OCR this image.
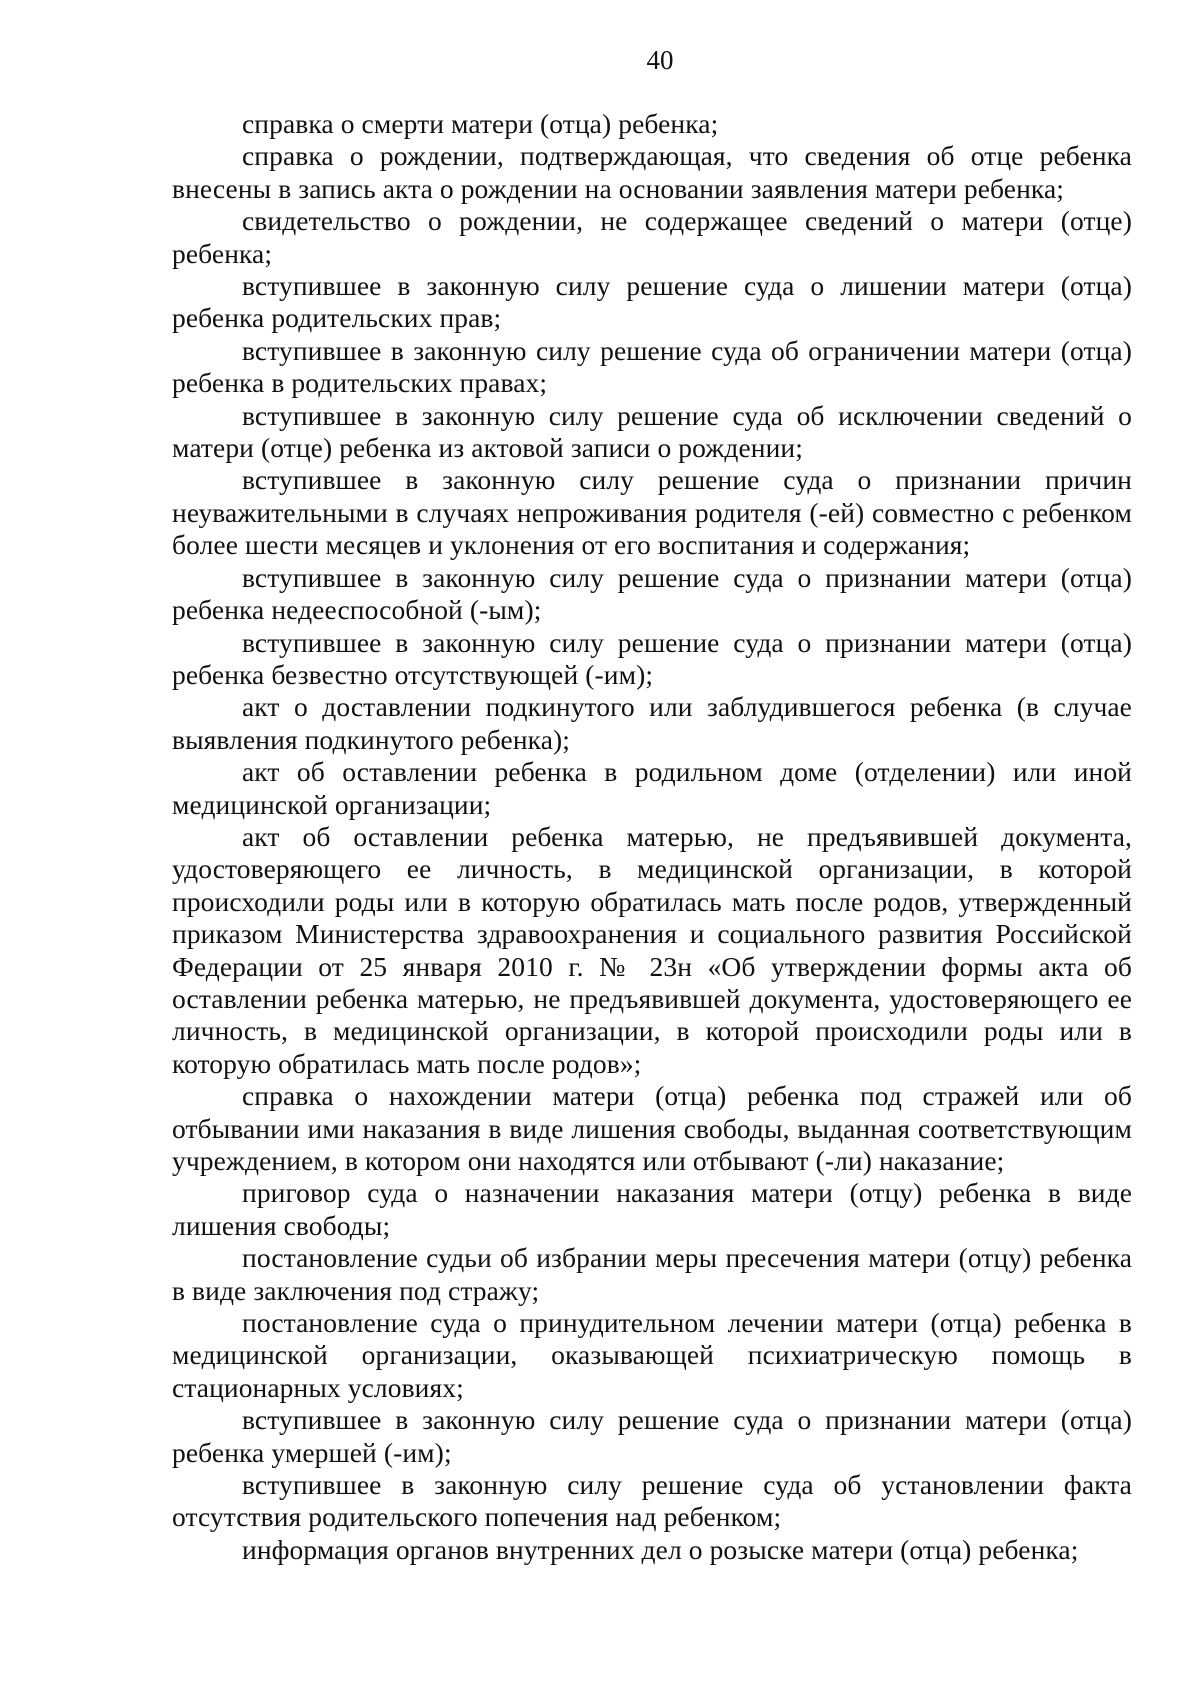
40

справка о смерти матери (отца) ребенка;

справка о рождении, подтверждающая, что сведения об отце ребенка внесены в запись акта о рождении на основании заявления матери ребенка;

свидетельство о рождении, не содержащее сведений о матери (отце) ребенка;

вступившее в законную силу решение суда о лишении матери (отца) ребенка родительских прав;

вступившее в законную силу решение суда об ограничении матери (отца) ребенка в родительских правах;

вступившее в законную силу решение суда об исключении сведений о матери (отце) ребенка из актовой записи о рождении;

вступившее в законную силу решение суда о признании причин неуважительными в случаях непроживания родителя (-ей) совместно с ребенком более шести месяцев и уклонения от его воспитания и содержания;

вступившее в законную силу решение суда о признании матери (отца) ребенка недееспособной (-ым);

вступившее в законную силу решение суда о признании матери (отца) ребенка безвестно отсутствующей (-им);

акт о доставлении подкинутого или заблудившегося ребенка (в случае выявления подкинутого ребенка);

акт об оставлении ребенка в родильном доме (отделении) или иной медицинской организации;

акт об оставлении ребенка матерью, не предъявившей документа, удостоверяющего ее личность, в медицинской организации, в которой происходили роды или в которую обратилась мать после родов, утвержденный приказом Министерства здравоохранения и социального развития Российской Федерации от 25 января 2010 г. № 23н «Об утверждении формы акта об оставлении ребенка матерью, не предъявившей документа, удостоверяющего ее личность, в медицинской организации, в которой происходили роды или в которую обратилась мать после родов»;

справка о нахождении матери (отца) ребенка под стражей или об отбывании ими наказания в виде лишения свободы, выданная соответствующим учреждением, в котором они находятся или отбывают (-ли) наказание;

приговор суда о назначении наказания матери (отцу) ребенка в виде лишения свободы;

постановление судьи об избрании меры пресечения матери (отцу) ребенка в виде заключения под стражу;

постановление суда о принудительном лечении матери (отца) ребенка в медицинской организации, оказывающей психиатрическую помощь в стационарных условиях;

вступившее в законную силу решение суда о признании матери (отца) ребенка умершей (-им);

вступившее в законную силу решение суда об установлении факта отсутствия родительского попечения над ребенком;

информация органов внутренних дел о розыске матери (отца) ребенка;
